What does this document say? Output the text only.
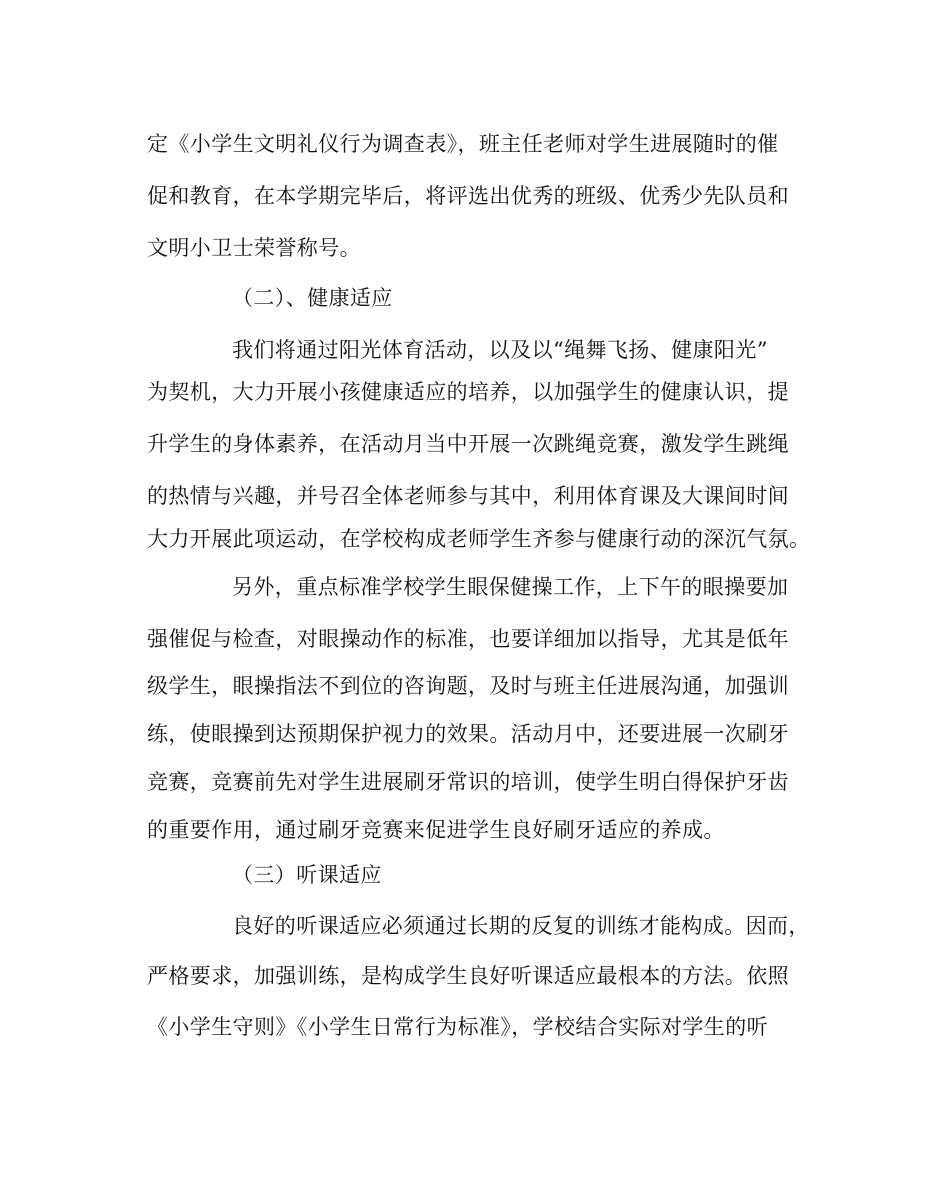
定《小学生文明礼仪行为调查表》，班主任老师对学生进展随时的催
促和教育，在本学期完毕后，将评选出优秀的班级、优秀少先队员和
文明小卫士荣誉称号。
（二）、健康适应
我们将通过阳光体育活动，以及以“绳舞飞扬、健康阳光”
为契机，大力开展小孩健康适应的培养，以加强学生的健康认识，提
升学生的身体素养，在活动月当中开展一次跳绳竞赛，激发学生跳绳
的热情与兴趣，并号召全体老师参与其中，利用体育课及大课间时间
大力开展此项运动，在学校构成老师学生齐参与健康行动的深沉气氛。
另外，重点标准学校学生眼保健操工作，上下午的眼操要加
强催促与检查，对眼操动作的标准，也要详细加以指导，尤其是低年
级学生，眼操指法不到位的咨询题，及时与班主任进展沟通，加强训
练，使眼操到达预期保护视力的效果。活动月中，还要进展一次刷牙
竞赛，竞赛前先对学生进展刷牙常识的培训，使学生明白得保护牙齿
的重要作用，通过刷牙竞赛来促进学生良好刷牙适应的养成。
（三）听课适应
良好的听课适应必须通过长期的反复的训练才能构成。因而，
严格要求，加强训练，是构成学生良好听课适应最根本的方法。依照
《小学生守则》《小学生日常行为标准》，学校结合实际对学生的听
